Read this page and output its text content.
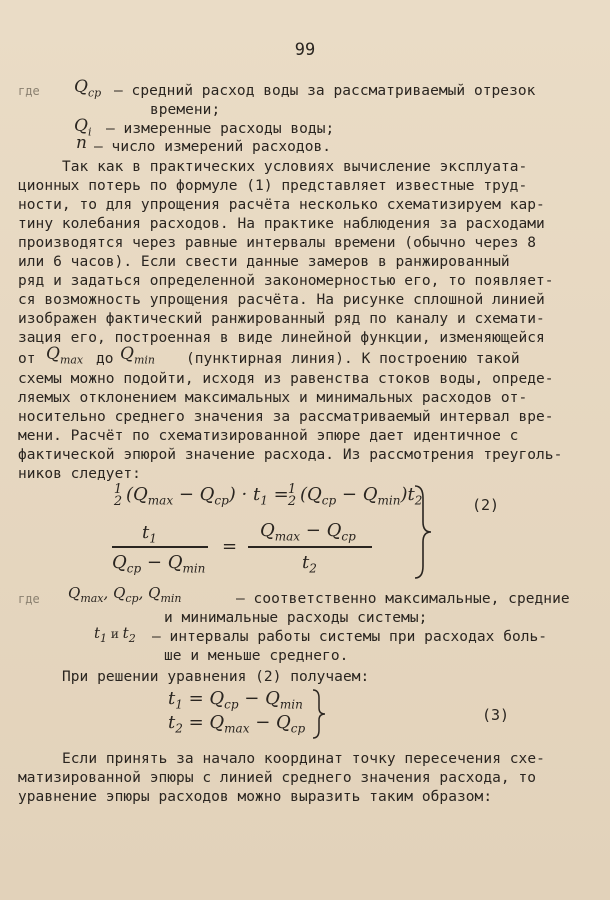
99
где $Q_{ср}$ – средний расход воды за рассматриваемый отрезок
времени;
$Q_i$ – измеренные расходы воды;
n – число измерений расходов.
Так как в практических условиях вычисление эксплуата-
ционных потерь по формуле (1) представляет известные труд-
ности, то для упрощения расчёта несколько схематизируем кар-
тину колебания расходов. На практике наблюдения за расходами
производятся через равные интервалы времени (обычно через 8
или 6 часов). Если свести данные замеров в ранжированный
ряд и задаться определенной закономерностью его, то появляет-
ся возможность упрощения расчёта. На рисунке сплошной линией
изображен фактический ранжированный ряд по каналу и схемати-
зация его, построенная в виде линейной функции, изменяющейся
от $Q_{max}$ до $Q_{min}$ (пунктирная линия). К построению такой
схемы можно подойти, исходя из равенства стоков воды, опреде-
ляемых отклонением максимальных и минимальных расходов от-
носительно среднего значения за рассматриваемый интервал вре-
мени. Расчёт по схематизированной эпюре дает идентичное с
фактической эпюрой значение расхода. Из рассмотрения треуголь-
ников следует:
1
2 $(Q_{max} - Q_{ср}) \cdot t_1 = 1$
2 $(Q_{ср} - Q_{min})t_2$
$t_1$
$Q_{ср} - Q_{min}$
=
$Q_{max} - Q_{ср}$
$t_2$
(2)
где $Q_{max}$, $Q_{ср}$, $Q_{min}$	– соответственно максимальные, средние
и минимальные расходы системы;
$t_1$ и $t_2$ – интервалы работы системы при расходах боль-
ше и меньше среднего.
При решении уравнения (2) получаем:
$t_1 = Q_{ср} - Q_{min}$
$t_2 = Q_{max} - Q_{ср}$
(3)
Если принять за начало координат точку пересечения схе-
матизированной эпюры с линией среднего значения расхода, то
уравнение эпюры расходов можно выразить таким образом:
